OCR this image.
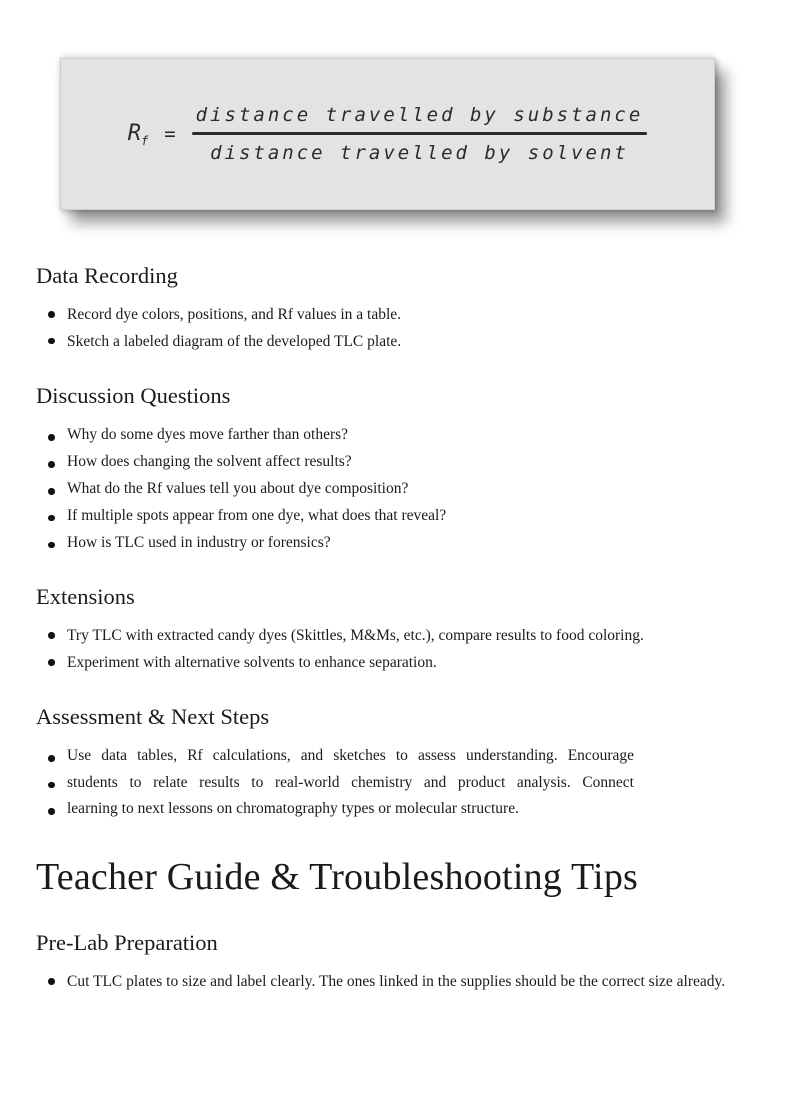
$R_f = \frac{\text{distance travelled by substance}}{\text{distance travelled by solvent}}$
Data Recording
Record dye colors, positions, and Rf values in a table.
Sketch a labeled diagram of the developed TLC plate.
Discussion Questions
Why do some dyes move farther than others?
How does changing the solvent affect results?
What do the Rf values tell you about dye composition?
If multiple spots appear from one dye, what does that reveal?
How is TLC used in industry or forensics?
Extensions
Try TLC with extracted candy dyes (Skittles, M&Ms, etc.), compare results to food coloring.
Experiment with alternative solvents to enhance separation.
Assessment & Next Steps
Use data tables, Rf calculations, and sketches to assess understanding. Encourage
students to relate results to real-world chemistry and product analysis. Connect
learning to next lessons on chromatography types or molecular structure.
Teacher Guide & Troubleshooting Tips
Pre-Lab Preparation
Cut TLC plates to size and label clearly. The ones linked in the supplies should be the correct size already.
